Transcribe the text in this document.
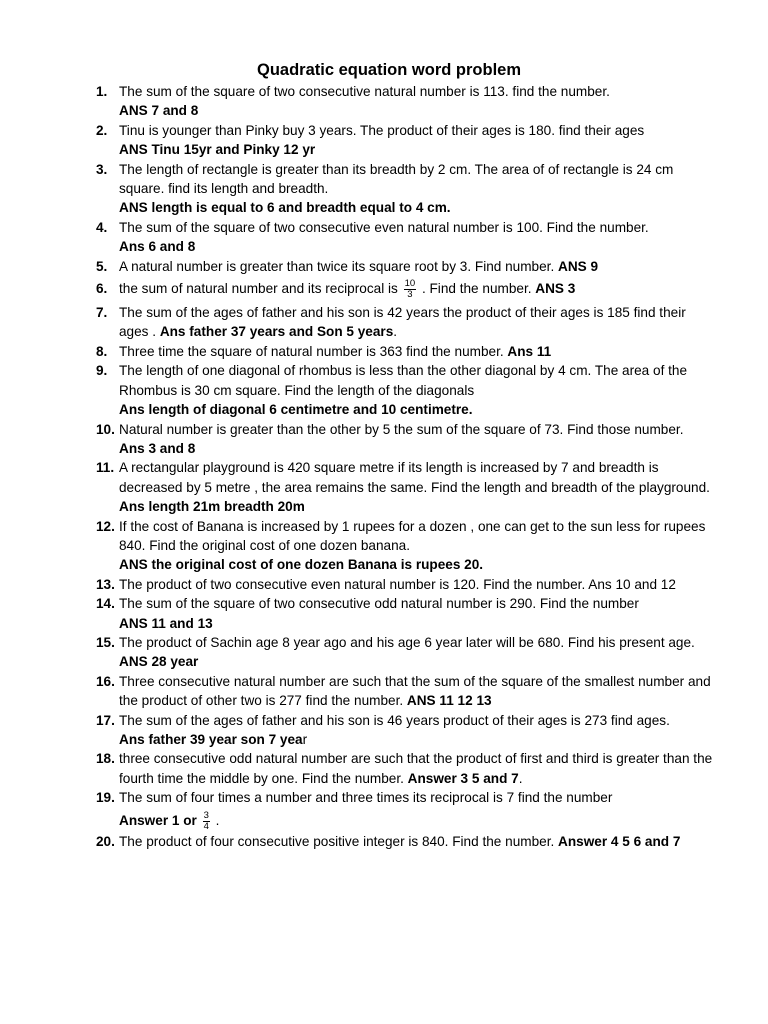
Quadratic equation word problem
1. The sum of the square of two consecutive natural number is 113. find the number.
ANS 7 and 8
2. Tinu is younger than Pinky buy 3 years. The product of their ages is 180. find their ages
ANS Tinu 15yr and Pinky 12 yr
3. The length of rectangle is greater than its breadth by 2 cm. The area of of rectangle is 24 cm square. find its length and breadth.
ANS length is equal to 6 and breadth equal to 4 cm.
4. The sum of the square of two consecutive even natural number is 100. Find the number.
Ans 6 and 8
5. A natural number is greater than twice its square root by 3. Find number. ANS 9
6. the sum of natural number and its reciprocal is $\frac{10}{3}$ . Find the number. ANS 3
7. The sum of the ages of father and his son is 42 years the product of their ages is 185 find their ages . Ans father 37 years and Son 5 years.
8. Three time the square of natural number is 363 find the number. Ans 11
9. The length of one diagonal of rhombus is less than the other diagonal by 4 cm. The area of the Rhombus is 30 cm square. Find the length of the diagonals
Ans length of diagonal 6 centimetre and 10 centimetre.
10. Natural number is greater than the other by 5 the sum of the square of 73. Find those number.
Ans 3 and 8
11. A rectangular playground is 420 square metre if its length is increased by 7 and breadth is decreased by 5 metre , the area remains the same. Find the length and breadth of the playground. Ans length 21m breadth 20m
12. If the cost of Banana is increased by 1 rupees for a dozen , one can get to the sun less for rupees 840. Find the original cost of one dozen banana.
ANS the original cost of one dozen Banana is rupees 20.
13. The product of two consecutive even natural number is 120. Find the number. Ans 10 and 12
14. The sum of the square of two consecutive odd natural number is 290. Find the number
ANS 11 and 13
15. The product of Sachin age 8 year ago and his age 6 year later will be 680. Find his present age. ANS 28 year
16. Three consecutive natural number are such that the sum of the square of the smallest number and the product of other two is 277 find the number. ANS 11 12 13
17. The sum of the ages of father and his son is 46 years product of their ages is 273 find ages.
Ans father 39 year son 7 year
18. three consecutive odd natural number are such that the product of first and third is greater than the fourth time the middle by one. Find the number. Answer 3 5 and 7.
19. The sum of four times a number and three times its reciprocal is 7 find the number
Answer 1 or $\frac{3}{4}$ .
20. The product of four consecutive positive integer is 840. Find the number. Answer 4 5 6 and 7
